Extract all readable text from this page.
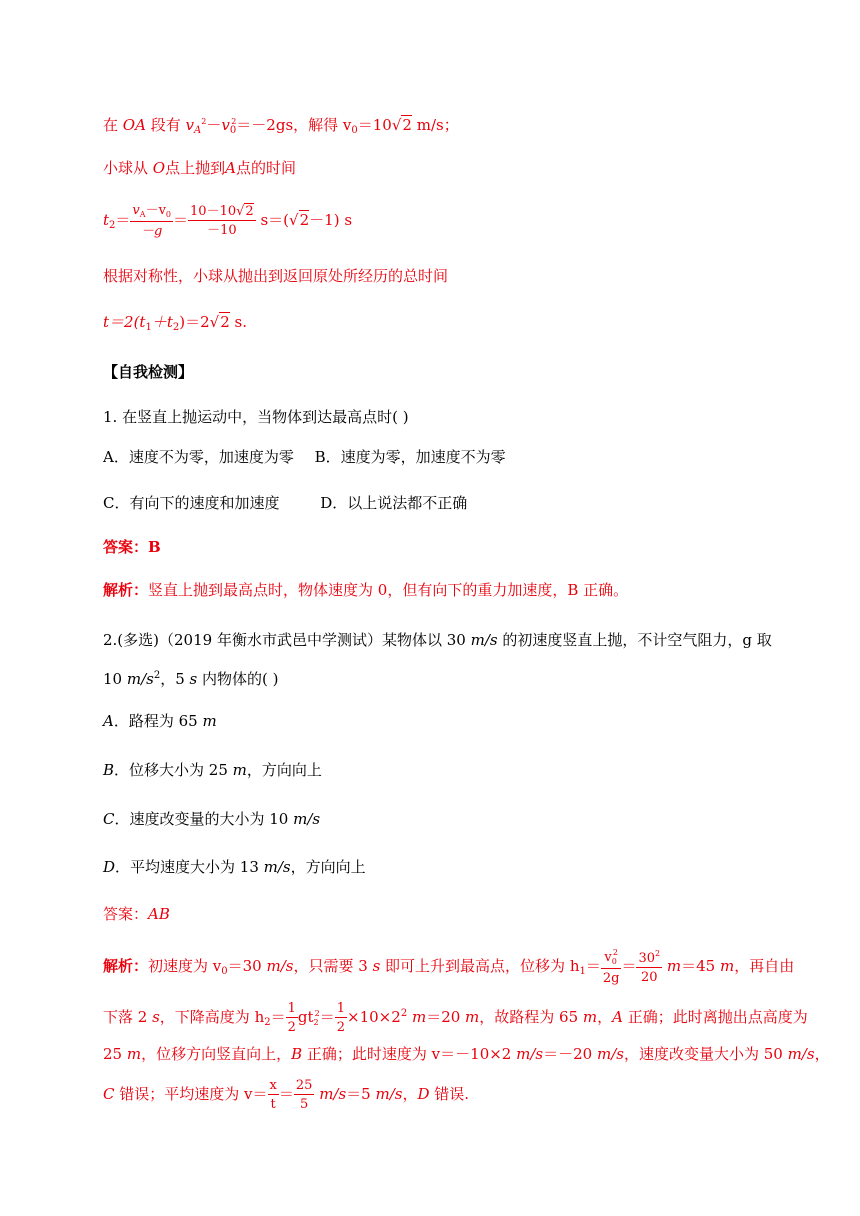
在 OA 段有 $v_A^2-v_0^2=-2gs$，解得 $v_0=10√2$ m/s；
小球从 O点上抛到A点的时间
$t_2= \frac{v_A-v_0}{-g} = \frac{10-10√2}{-10} s=(√2-1)$ s
根据对称性，小球从抛出到返回原处所经历的总时间
$t=2(t_1+t_2)=2√2$ s.
【自我检测】
1. 在竖直上抛运动中，当物体到达最高点时( )
A．速度不为零，加速度为零 B．速度为零，加速度不为零
C．有向下的速度和加速度	D．以上说法都不正确
答案：B
解析：竖直上抛到最高点时，物体速度为 0，但有向下的重力加速度，B 正确。
2.(多选)（2019 年衡水市武邑中学测试）某物体以 30 m/s 的初速度竖直上抛，不计空气阻力，g 取
10 $m/s^2$，5 s 内物体的( )
A．路程为 65 m
B．位移大小为 25 m，方向向上
C．速度改变量的大小为 10 m/s
D．平均速度大小为 13 m/s，方向向上
答案：AB
解析：初速度为 $v_0=30$ m/s，只需要 3 s 即可上升到最高点，位移为 $h_1= \frac{v_0^2}{2g} = \frac{30^2}{20} m=45$ m，再自由
下落 2 s，下降高度为 $h_2= \frac{1}{2} gt_2^2= \frac{1}{2} \times 10\times 2^2$ m＝20 m，故路程为 65 m，A 正确；此时离抛出点高度为
25 m，位移方向竖直向上，B 正确；此时速度为 v＝－10×2 m/s＝－20 m/s，速度改变量大小为 50 m/s，
C 错误；平均速度为 $v= \frac{x}{t} = \frac{25}{5} m/s=5$ m/s，D 错误.
